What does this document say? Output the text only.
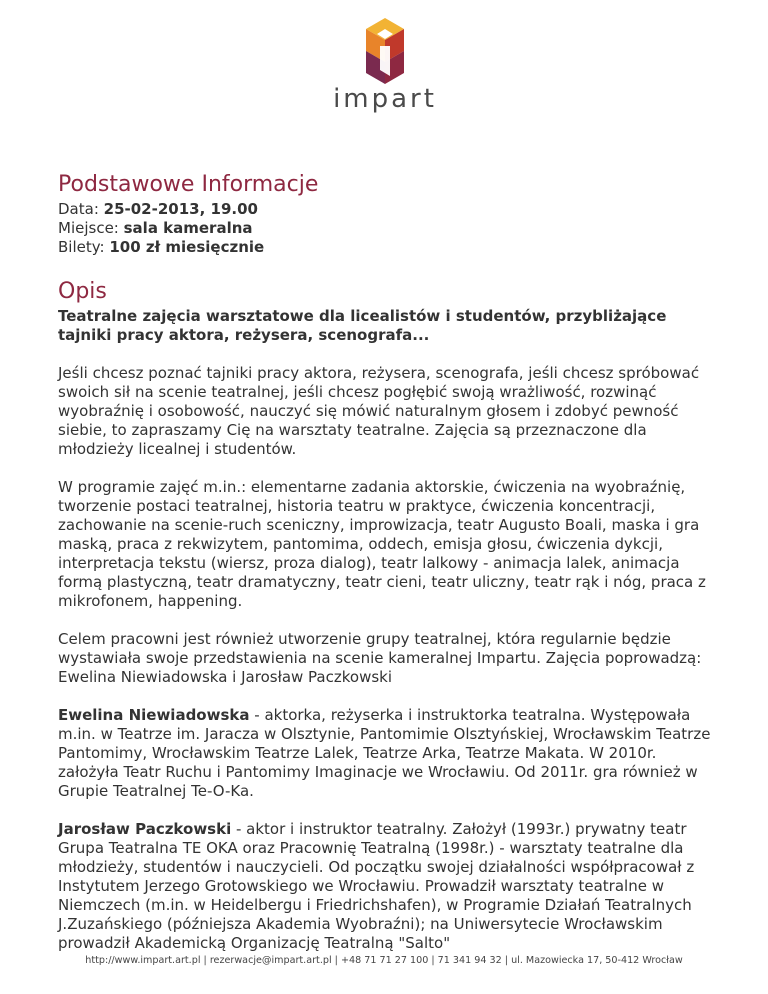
impart
Podstawowe Informacje

Data: 25-02-2013, 19.00

Miejsce: sala kameralna

Bilety: 100 zł miesięcznie

Opis

Teatralne zajęcia warsztatowe dla licealistów i studentów, przybliżające tajniki pracy aktora, reżysera, scenografa...

Jeśli chcesz poznać tajniki pracy aktora, reżysera, scenografa, jeśli chcesz spróbować swoich sił na scenie teatralnej, jeśli chcesz pogłębić swoją wrażliwość, rozwinąć wyobraźnię i osobowość, nauczyć się mówić naturalnym głosem i zdobyć pewność siebie, to zapraszamy Cię na warsztaty teatralne. Zajęcia są przeznaczone dla młodzieży licealnej i studentów.

W programie zajęć m.in.: elementarne zadania aktorskie, ćwiczenia na wyobraźnię, tworzenie postaci teatralnej, historia teatru w praktyce, ćwiczenia koncentracji, zachowanie na scenie-ruch sceniczny, improwizacja, teatr Augusto Boali, maska i gra maską, praca z rekwizytem, pantomima, oddech, emisja głosu, ćwiczenia dykcji, interpretacja tekstu (wiersz, proza dialog), teatr lalkowy - animacja lalek, animacja formą plastyczną, teatr dramatyczny, teatr cieni, teatr uliczny, teatr rąk i nóg, praca z mikrofonem, happening.

Celem pracowni jest również utworzenie grupy teatralnej, która regularnie będzie wystawiała swoje przedstawienia na scenie kameralnej Impartu. Zajęcia poprowadzą: Ewelina Niewiadowska i Jarosław Paczkowski

Ewelina Niewiadowska - aktorka, reżyserka i instruktorka teatralna. Występowała m.in. w Teatrze im. Jaracza w Olsztynie, Pantomimie Olsztyńskiej, Wrocławskim Teatrze Pantomimy, Wrocławskim Teatrze Lalek, Teatrze Arka, Teatrze Makata. W 2010r. założyła Teatr Ruchu i Pantomimy Imaginacje we Wrocławiu. Od 2011r. gra również w Grupie Teatralnej Te-O-Ka.

Jarosław Paczkowski - aktor i instruktor teatralny. Założył (1993r.) prywatny teatr Grupa Teatralna TE OKA oraz Pracownię Teatralną (1998r.) - warsztaty teatralne dla młodzieży, studentów i nauczycieli. Od początku swojej działalności współpracował z Instytutem Jerzego Grotowskiego we Wrocławiu. Prowadził warsztaty teatralne w Niemczech (m.in. w Heidelbergu i Friedrichshafen), w Programie Działań Teatralnych J.Zuzańskiego (późniejsza Akademia Wyobraźni); na Uniwersytecie Wrocławskim prowadził Akademicką Organizację Teatralną "Salto"

http://www.impart.art.pl | rezerwacje@impart.art.pl | +48 71 71 27 100 | 71 341 94 32 | ul. Mazowiecka 17, 50-412 Wrocław
